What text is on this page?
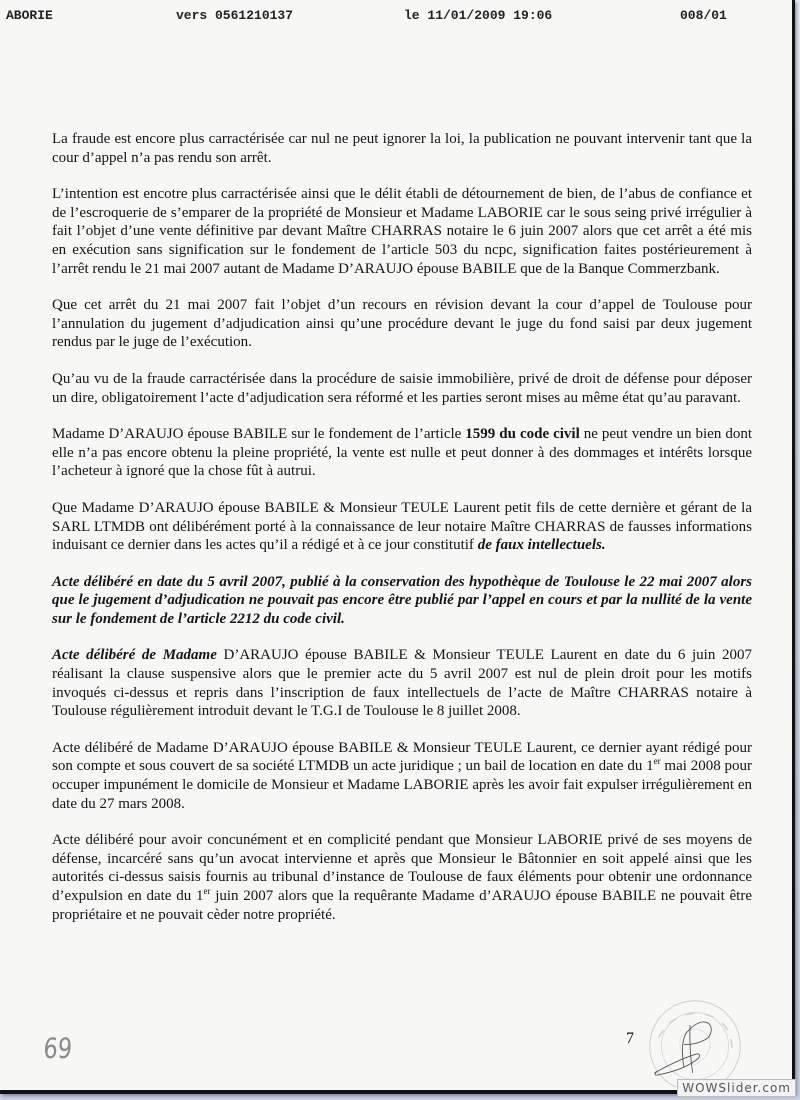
ABORIE	vers 0561210137	le 11/01/2009 19:06	008/01

La fraude est encore plus carractérisée car nul ne peut ignorer la loi, la publication ne pouvant intervenir tant que la cour d’appel n’a pas rendu son arrêt.

L’intention est encotre plus carractérisée ainsi que le délit établi de détournement de bien, de l’abus de confiance et de l’escroquerie de s’emparer de la propriété de Monsieur et Madame LABORIE car le sous seing privé irrégulier à fait l’objet d’une vente définitive par devant Maître CHARRAS notaire le 6 juin 2007 alors que cet arrêt a été mis en exécution sans signification sur le fondement de l’article 503 du ncpc, signification faites postérieurement à l’arrêt rendu le 21 mai 2007 autant de Madame D’ARAUJO épouse BABILE que de la Banque Commerzbank.

Que cet arrêt du 21 mai 2007 fait l’objet d’un recours en révision devant la cour d’appel de Toulouse pour l’annulation du jugement d’adjudication ainsi qu’une procédure devant le juge du fond saisi par deux jugement rendus par le juge de l’exécution.

Qu’au vu de la fraude carractérisée dans la procédure de saisie immobilière, privé de droit de défense pour déposer un dire, obligatoirement l’acte d’adjudication sera réformé et les parties seront mises au même état qu’au paravant.

Madame D’ARAUJO épouse BABILE sur le fondement de l’article 1599 du code civil ne peut vendre un bien dont elle n’a pas encore obtenu la pleine propriété, la vente est nulle et peut donner à des dommages et intérêts lorsque l’acheteur à ignoré que la chose fût à autrui.

Que Madame D’ARAUJO épouse BABILE & Monsieur TEULE Laurent petit fils de cette dernière et gérant de la SARL LTMDB ont délibérément porté à la connaissance de leur notaire Maître CHARRAS de fausses informations induisant ce dernier dans les actes qu’il a rédigé et à ce jour constitutif de faux intellectuels.

Acte délibéré en date du 5 avril 2007, publié à la conservation des hypothèque de Toulouse le 22 mai 2007 alors que le jugement d’adjudication ne pouvait pas encore être publié par l’appel en cours et par la nullité de la vente sur le fondement de l’article 2212 du code civil.

Acte délibéré de Madame D’ARAUJO épouse BABILE & Monsieur TEULE Laurent en date du 6 juin 2007 réalisant la clause suspensive alors que le premier acte du 5 avril 2007 est nul de plein droit pour les motifs invoqués ci-dessus et repris dans l’inscription de faux intellectuels de l’acte de Maître CHARRAS notaire à Toulouse régulièrement introduit devant le T.G.I de Toulouse le 8 juillet 2008.

Acte délibéré de Madame D’ARAUJO épouse BABILE & Monsieur TEULE Laurent, ce dernier ayant rédigé pour son compte et sous couvert de sa société LTMDB un acte juridique ; un bail de location en date du 1er mai 2008 pour occuper impunément le domicile de Monsieur et Madame LABORIE après les avoir fait expulser irrégulièrement en date du 27 mars 2008.

Acte délibéré pour avoir concunément et en complicité pendant que Monsieur LABORIE privé de ses moyens de défense, incarcéré sans qu’un avocat intervienne et après que Monsieur le Bâtonnier en soit appelé ainsi que les autorités ci-dessus saisis fournis au tribunal d’instance de Toulouse de faux éléments pour obtenir une ordonnance d’expulsion en date du 1er juin 2007 alors que la requêrante Madame d’ARAUJO épouse BABILE ne pouvait être propriétaire et ne pouvait cèder notre propriété.

7
69
WOWSlider.com
